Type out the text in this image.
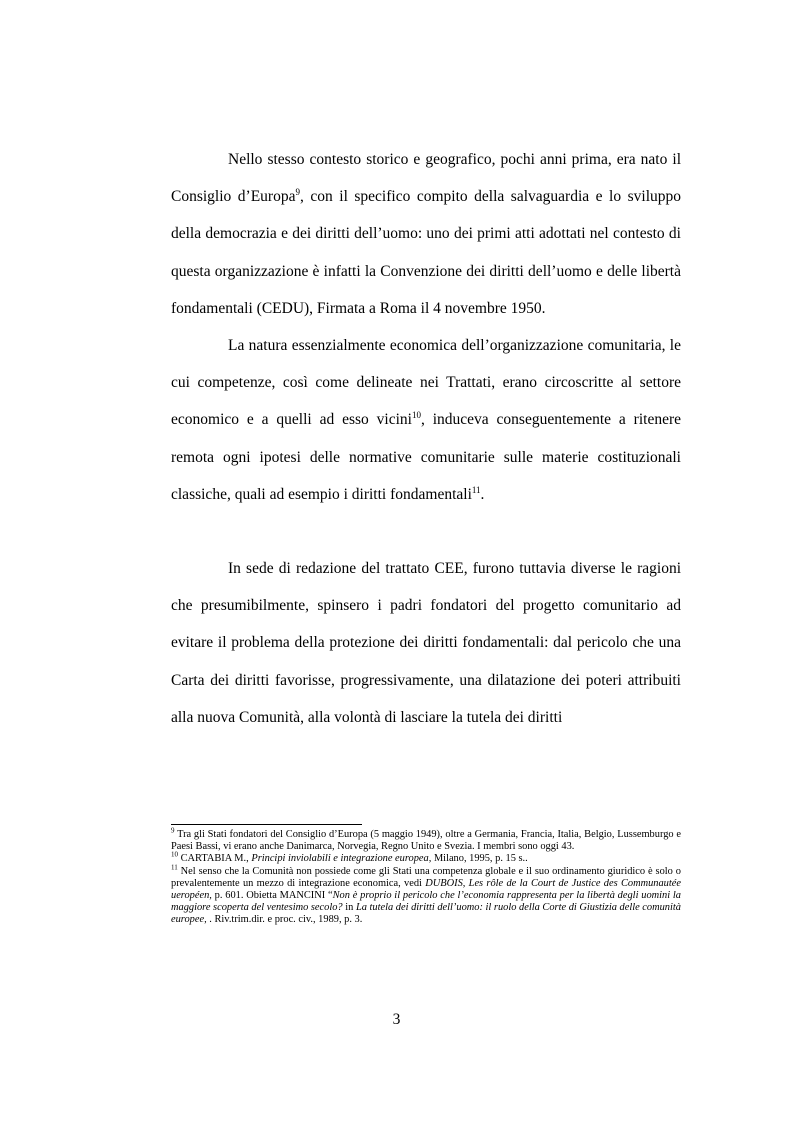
Nello stesso contesto storico e geografico, pochi anni prima, era nato il Consiglio d’Europa$^9$, con il specifico compito della salvaguardia e lo sviluppo della democrazia e dei diritti dell’uomo: uno dei primi atti adottati nel contesto di questa organizzazione è infatti la Convenzione dei diritti dell’uomo e delle libertà fondamentali (CEDU), Firmata a Roma il 4 novembre 1950.

La natura essenzialmente economica dell’organizzazione comunitaria, le cui competenze, così come delineate nei Trattati, erano circoscritte al settore economico e a quelli ad esso vicini$^{10}$, induceva conseguentemente a ritenere remota ogni ipotesi delle normative comunitarie sulle materie costituzionali classiche, quali ad esempio i diritti fondamentali$^{11}$.

In sede di redazione del trattato CEE, furono tuttavia diverse le ragioni che presumibilmente, spinsero i padri fondatori del progetto comunitario ad evitare il problema della protezione dei diritti fondamentali: dal pericolo che una Carta dei diritti favorisse, progressivamente, una dilatazione dei poteri attribuiti alla nuova Comunità, alla volontà di lasciare la tutela dei diritti

$^9$ Tra gli Stati fondatori del Consiglio d’Europa (5 maggio 1949), oltre a Germania, Francia, Italia, Belgio, Lussemburgo e Paesi Bassi, vi erano anche Danimarca, Norvegia, Regno Unito e Svezia. I membri sono oggi 43.

$^{10}$ CARTABIA M., Principi inviolabili e integrazione europea, Milano, 1995, p. 15 s..

$^{11}$ Nel senso che la Comunità non possiede come gli Stati una competenza globale e il suo ordinamento giuridico è solo o prevalentemente un mezzo di integrazione economica, vedi DUBOIS, Les rôle de la Court de Justice des Communautée ueropéen, p. 601. Obietta MANCINI “Non è proprio il pericolo che l’economia rappresenta per la libertà degli uomini la maggiore scoperta del ventesimo secolo? in La tutela dei diritti dell’uomo: il ruolo della Corte di Giustizia delle comunità europee, . Riv.trim.dir. e proc. civ., 1989, p. 3.

3
